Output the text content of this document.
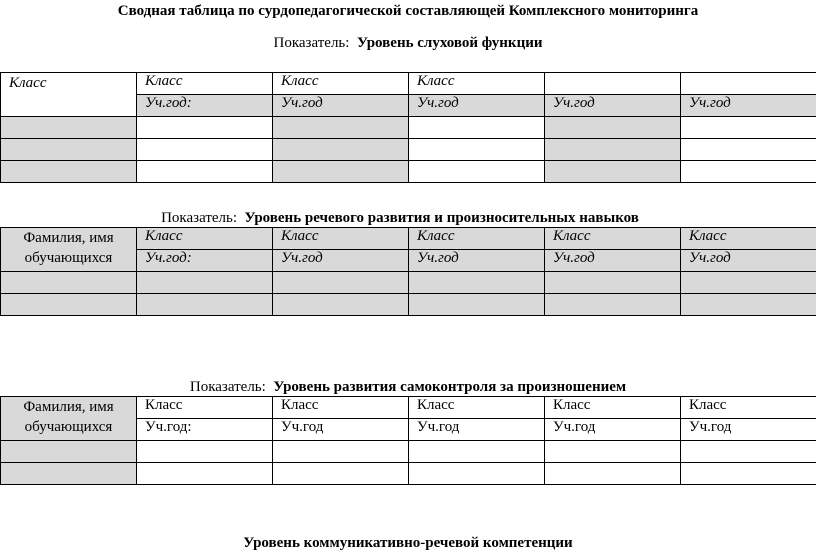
Сводная таблица по сурдопедагогической составляющей Комплексного мониторинга
Показатель: Уровень слуховой функции
Класс	Класс	Класс	Класс		
	Уч.год:	Уч.год	Уч.год	Уч.год	Уч.год

Показатель: Уровень речевого развития и произносительных навыков
Фамилия, имя
обучающихся	Класс	Класс	Класс	Класс	Класс
	Уч.год:	Уч.год	Уч.год	Уч.год	Уч.год

Показатель: Уровень развития самоконтроля за произношением
Фамилия, имя
обучающихся	Класс	Класс	Класс	Класс	Класс
	Уч.год:	Уч.год	Уч.год	Уч.год	Уч.год

Уровень коммуникативно-речевой компетенции
